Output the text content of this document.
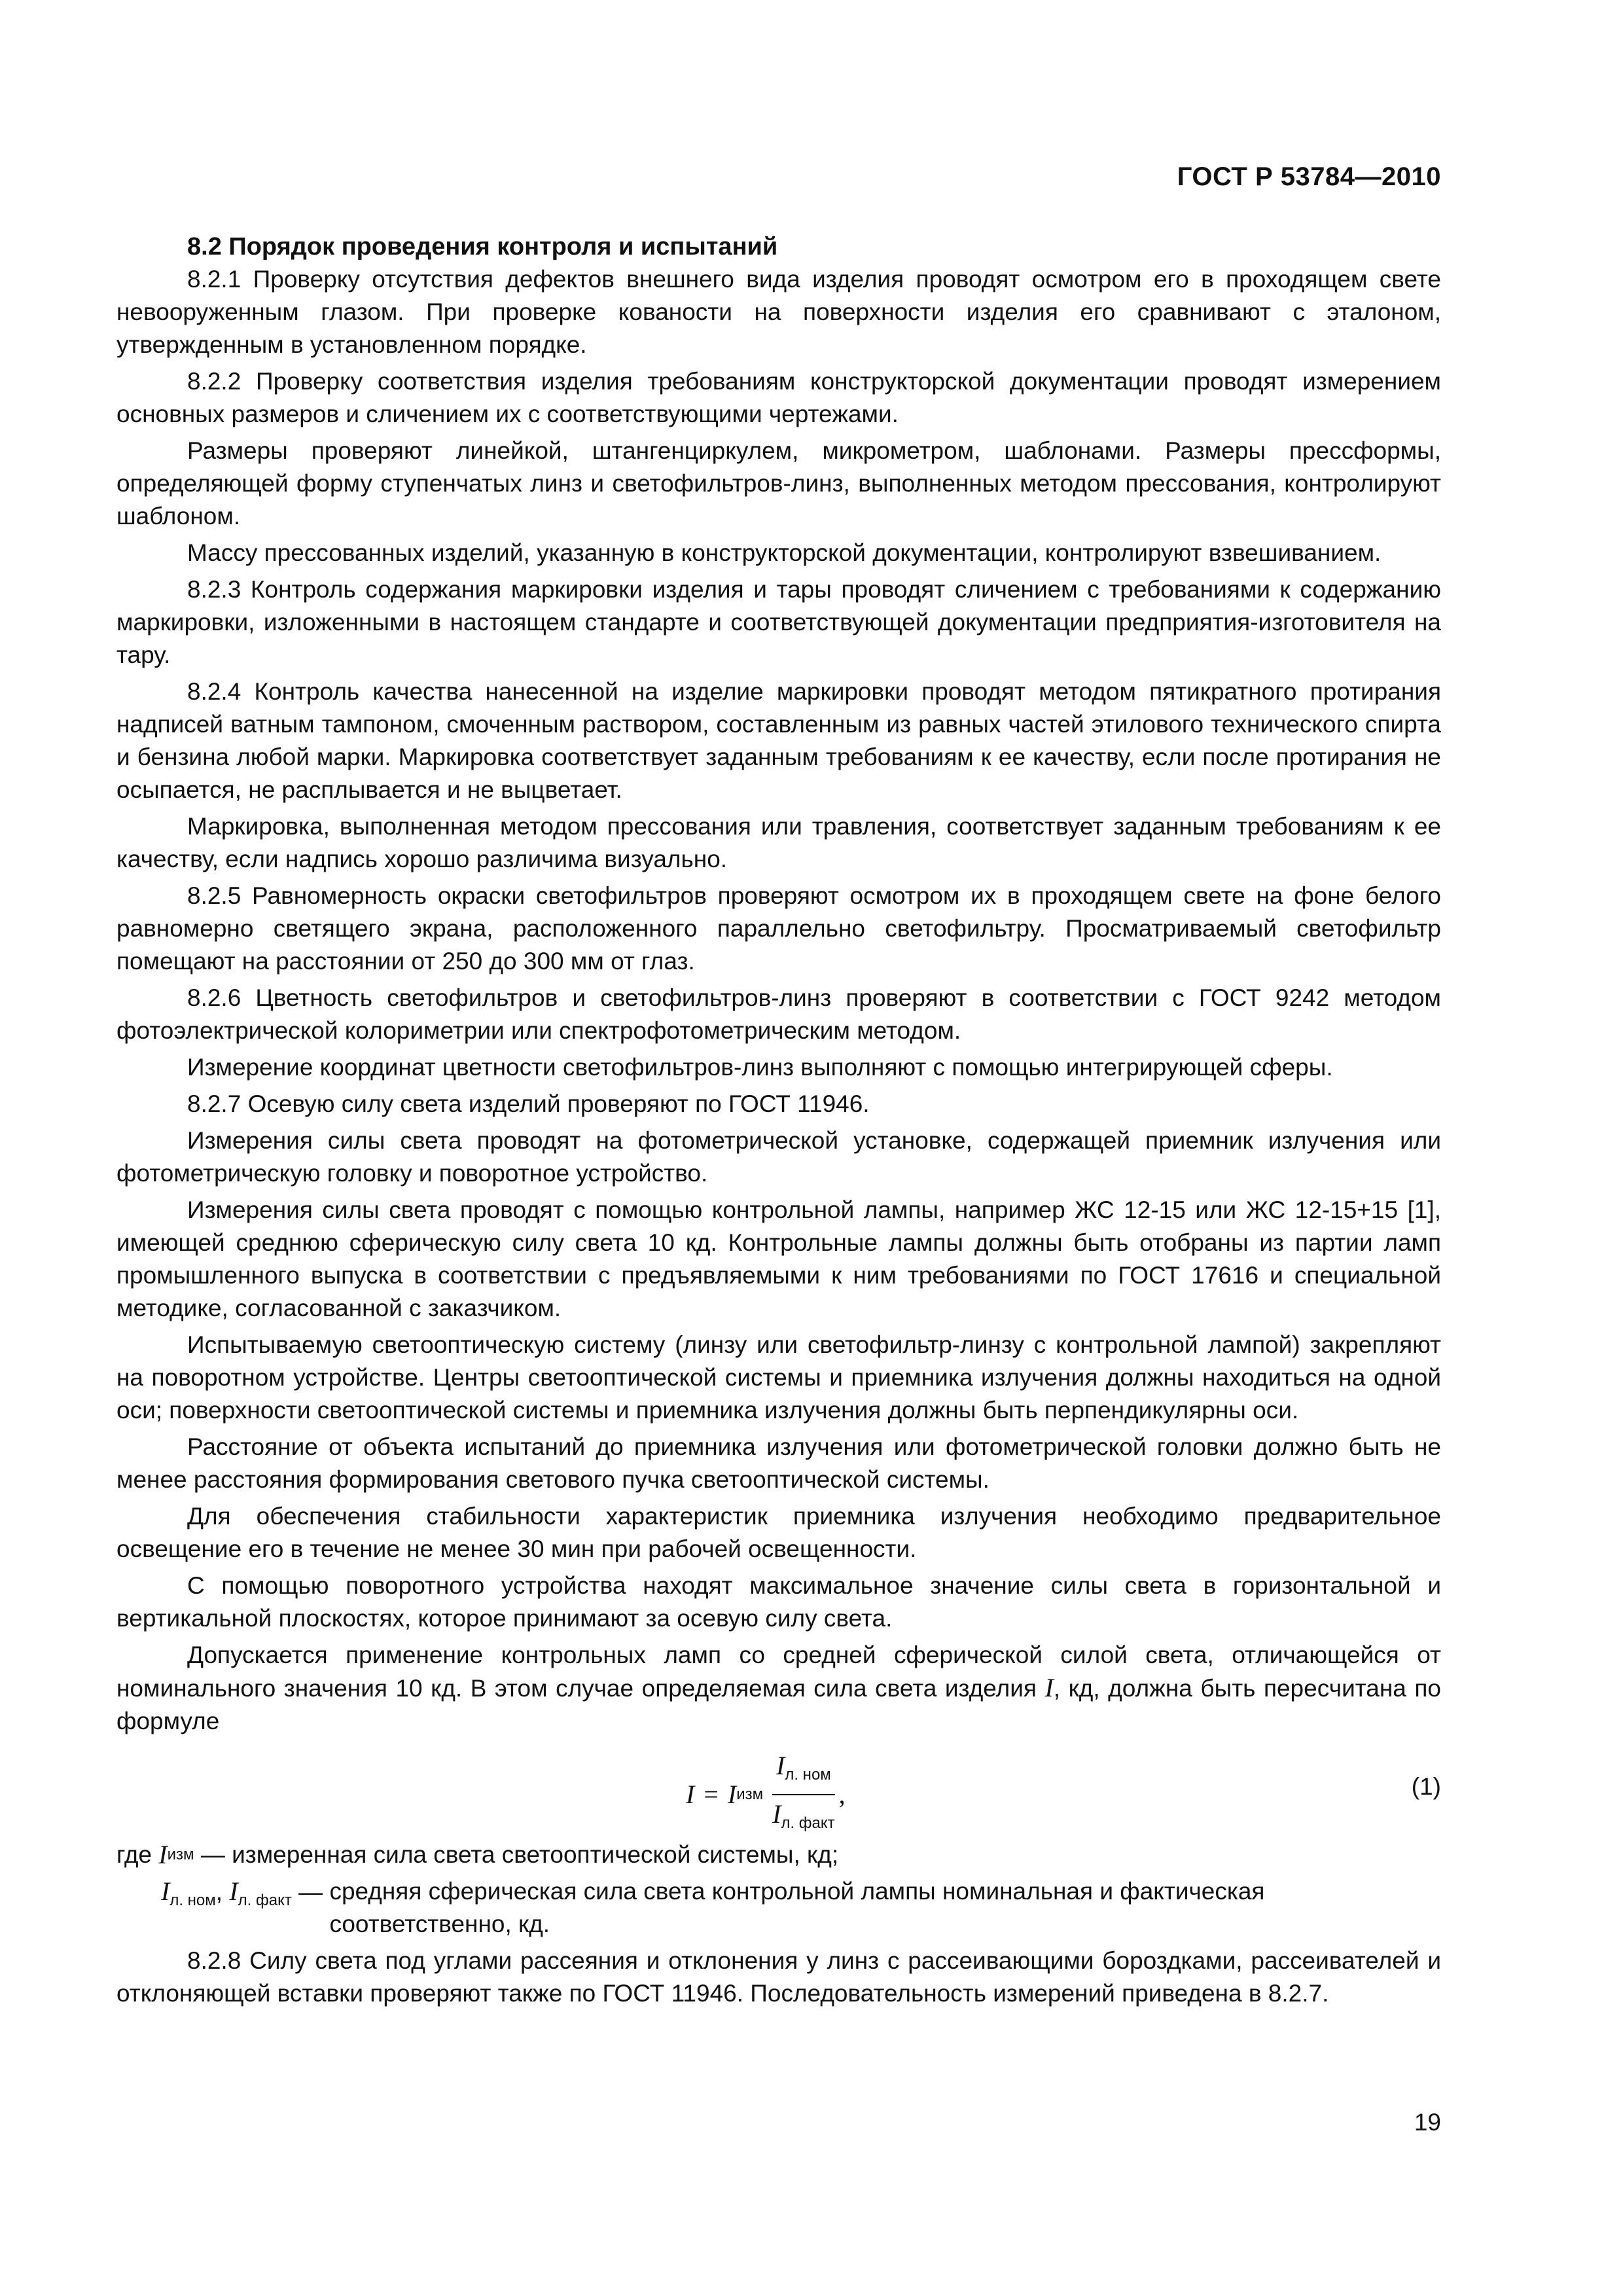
ГОСТ Р 53784—2010
8.2 Порядок проведения контроля и испытаний

8.2.1 Проверку отсутствия дефектов внешнего вида изделия проводят осмотром его в проходящем свете невооруженным глазом. При проверке кованости на поверхности изделия его сравнивают с эталоном, утвержденным в установленном порядке.

8.2.2 Проверку соответствия изделия требованиям конструкторской документации проводят измерением основных размеров и сличением их с соответствующими чертежами.

Размеры проверяют линейкой, штангенциркулем, микрометром, шаблонами. Размеры прессформы, определяющей форму ступенчатых линз и светофильтров-линз, выполненных методом прессования, контролируют шаблоном.

Массу прессованных изделий, указанную в конструкторской документации, контролируют взвешиванием.

8.2.3 Контроль содержания маркировки изделия и тары проводят сличением с требованиями к содержанию маркировки, изложенными в настоящем стандарте и соответствующей документации предприятия-изготовителя на тару.

8.2.4 Контроль качества нанесенной на изделие маркировки проводят методом пятикратного протирания надписей ватным тампоном, смоченным раствором, составленным из равных частей этилового технического спирта и бензина любой марки. Маркировка соответствует заданным требованиям к ее качеству, если после протирания не осыпается, не расплывается и не выцветает.

Маркировка, выполненная методом прессования или травления, соответствует заданным требованиям к ее качеству, если надпись хорошо различима визуально.

8.2.5 Равномерность окраски светофильтров проверяют осмотром их в проходящем свете на фоне белого равномерно светящего экрана, расположенного параллельно светофильтру. Просматриваемый светофильтр помещают на расстоянии от 250 до 300 мм от глаз.

8.2.6 Цветность светофильтров и светофильтров-линз проверяют в соответствии с ГОСТ 9242 методом фотоэлектрической колориметрии или спектрофотометрическим методом.

Измерение координат цветности светофильтров-линз выполняют с помощью интегрирующей сферы.

8.2.7 Осевую силу света изделий проверяют по ГОСТ 11946.

Измерения силы света проводят на фотометрической установке, содержащей приемник излучения или фотометрическую головку и поворотное устройство.

Измерения силы света проводят с помощью контрольной лампы, например ЖС 12-15 или ЖС 12-15+15 [1], имеющей среднюю сферическую силу света 10 кд. Контрольные лампы должны быть отобраны из партии ламп промышленного выпуска в соответствии с предъявляемыми к ним требованиями по ГОСТ 17616 и специальной методике, согласованной с заказчиком.

Испытываемую светооптическую систему (линзу или светофильтр-линзу с контрольной лампой) закрепляют на поворотном устройстве. Центры светооптической системы и приемника излучения должны находиться на одной оси; поверхности светооптической системы и приемника излучения должны быть перпендикулярны оси.

Расстояние от объекта испытаний до приемника излучения или фотометрической головки должно быть не менее расстояния формирования светового пучка светооптической системы.

Для обеспечения стабильности характеристик приемника излучения необходимо предварительное освещение его в течение не менее 30 мин при рабочей освещенности.

С помощью поворотного устройства находят максимальное значение силы света в горизонтальной и вертикальной плоскостях, которое принимают за осевую силу света.

Допускается применение контрольных ламп со средней сферической силой света, отличающейся от номинального значения 10 кд. В этом случае определяемая сила света изделия I, кд, должна быть пересчитана по формуле

I = I изм $\frac{I_{л. ном}}{I_{л. факт}}$ ,	(1)
где
I изм
— измеренная сила света светооптической системы, кд;
$I_{л. ном}$, $I_{л. факт}$ — средняя сферическая сила света контрольной лампы номинальная и фактическая соответственно, кд.

8.2.8 Силу света под углами рассеяния и отклонения у линз с рассеивающими бороздками, рассеивателей и отклоняющей вставки проверяют также по ГОСТ 11946. Последовательность измерений приведена в 8.2.7.

19
